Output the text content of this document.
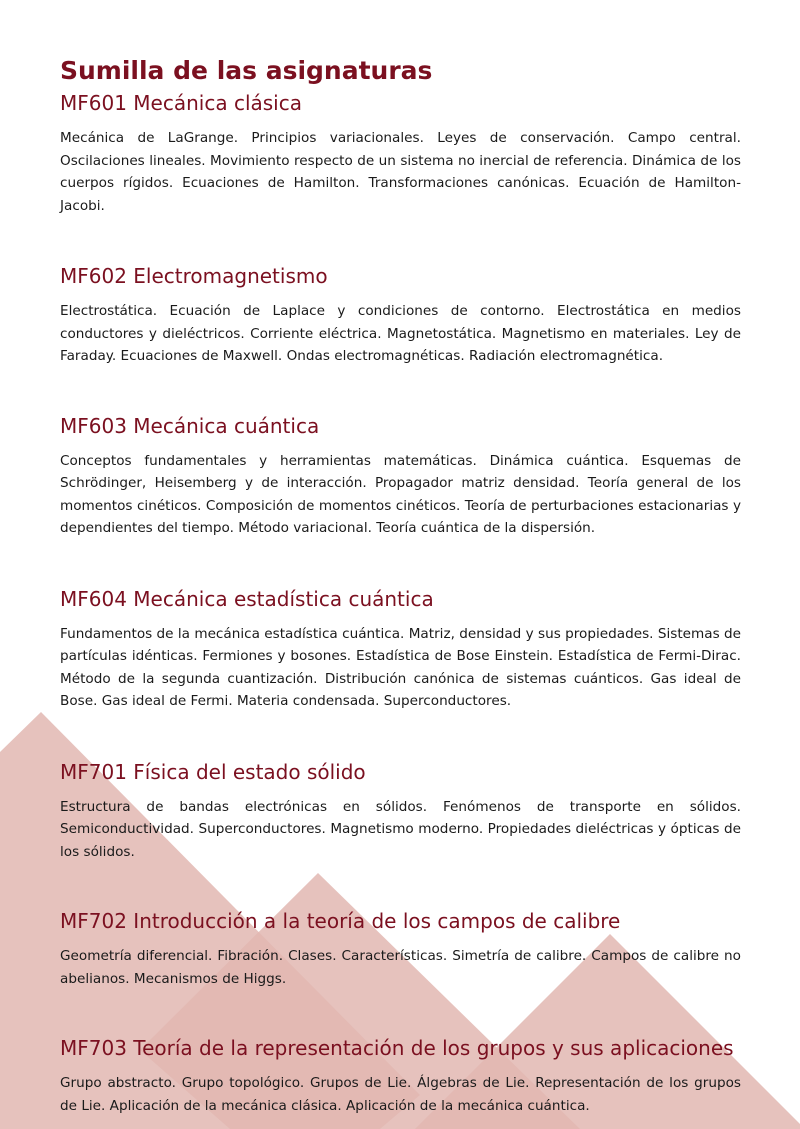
Sumilla de las asignaturas
MF601 Mecánica clásica

Mecánica de LaGrange. Principios variacionales. Leyes de conservación. Campo central. Oscilaciones lineales. Movimiento respecto de un sistema no inercial de referencia. Dinámica de los cuerpos rígidos. Ecuaciones de Hamilton. Transformaciones canónicas. Ecuación de Hamilton-Jacobi.

MF602 Electromagnetismo

Electrostática. Ecuación de Laplace y condiciones de contorno. Electrostática en medios conductores y dieléctricos. Corriente eléctrica. Magnetostática. Magnetismo en materiales. Ley de Faraday. Ecuaciones de Maxwell. Ondas electromagnéticas. Radiación electromagnética.

MF603 Mecánica cuántica

Conceptos fundamentales y herramientas matemáticas. Dinámica cuántica. Esquemas de Schrödinger, Heisemberg y de interacción. Propagador matriz densidad. Teoría general de los momentos cinéticos. Composición de momentos cinéticos. Teoría de perturbaciones estacionarias y dependientes del tiempo. Método variacional. Teoría cuántica de la dispersión.

MF604 Mecánica estadística cuántica

Fundamentos de la mecánica estadística cuántica. Matriz, densidad y sus propiedades. Sistemas de partículas idénticas. Fermiones y bosones. Estadística de Bose Einstein. Estadística de Fermi-Dirac. Método de la segunda cuantización. Distribución canónica de sistemas cuánticos. Gas ideal de Bose. Gas ideal de Fermi. Materia condensada. Superconductores.

MF701 Física del estado sólido

Estructura de bandas electrónicas en sólidos. Fenómenos de transporte en sólidos. Semiconductividad. Superconductores. Magnetismo moderno. Propiedades dieléctricas y ópticas de los sólidos.

MF702 Introducción a la teoría de los campos de calibre

Geometría diferencial. Fibración. Clases. Características. Simetría de calibre. Campos de calibre no abelianos. Mecanismos de Higgs.

MF703 Teoría de la representación de los grupos y sus aplicaciones

Grupo abstracto. Grupo topológico. Grupos de Lie. Álgebras de Lie. Representación de los grupos de Lie. Aplicación de la mecánica clásica. Aplicación de la mecánica cuántica.
